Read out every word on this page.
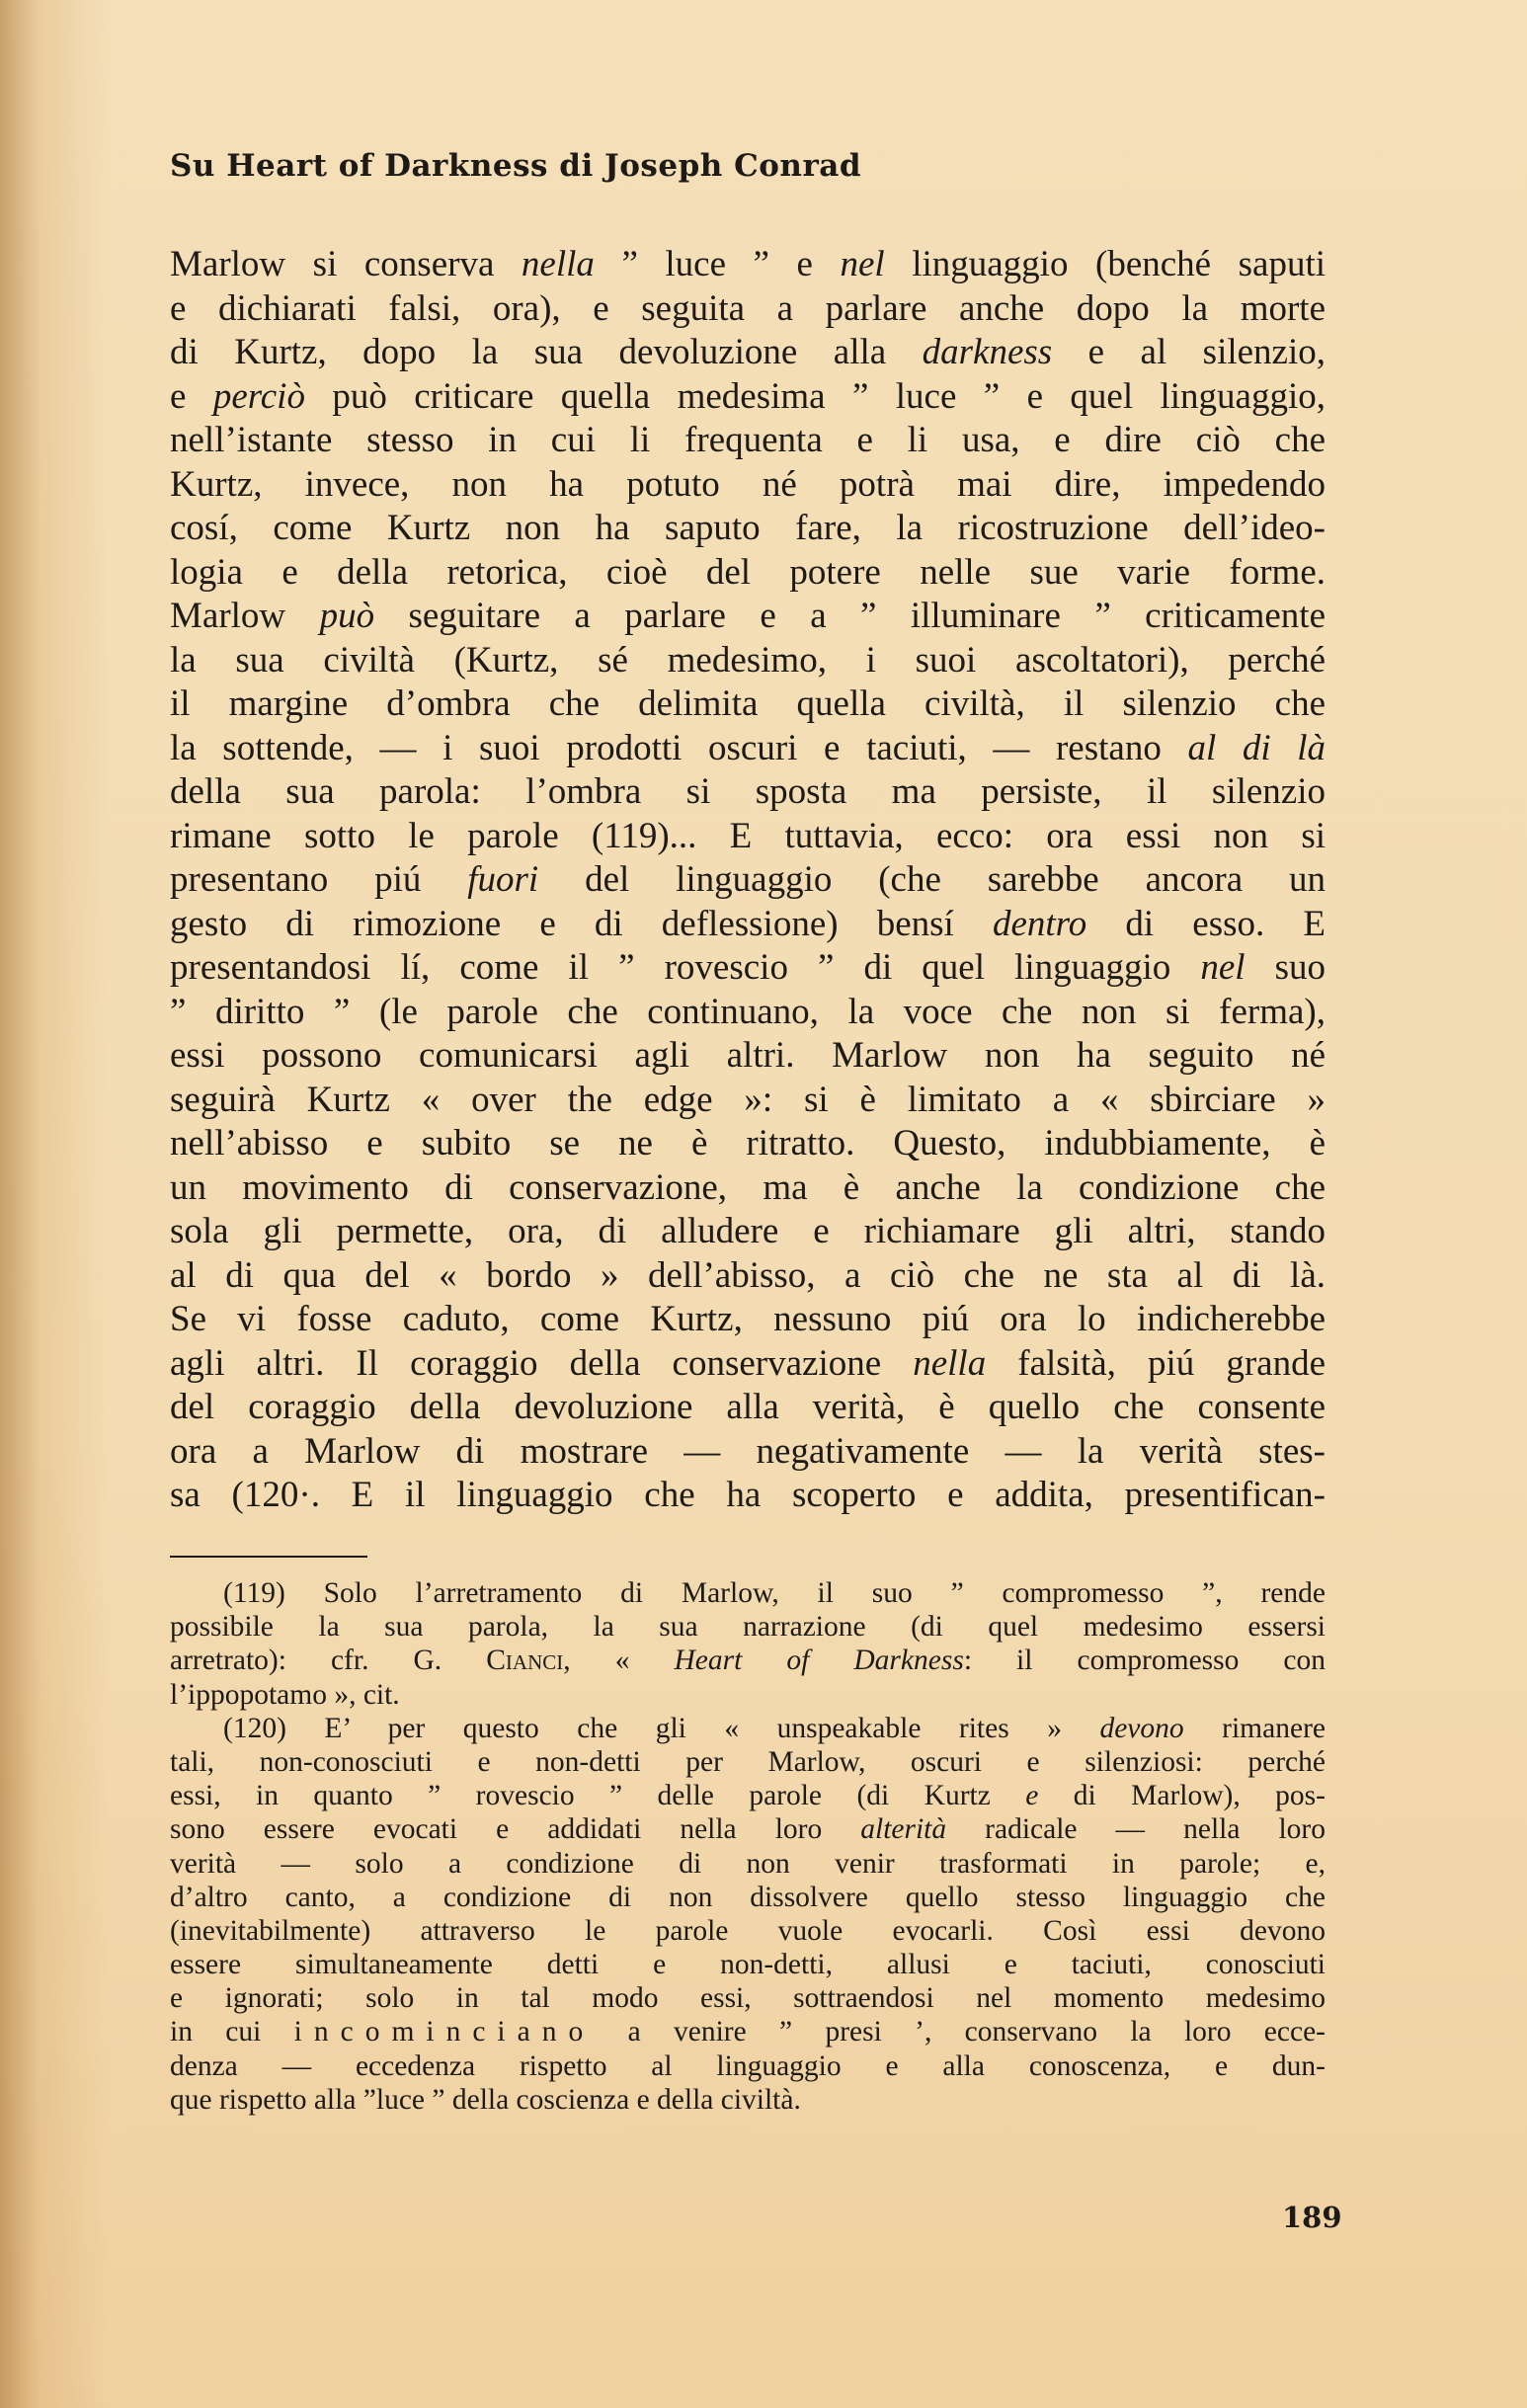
Su Heart of Darkness di Joseph Conrad
Marlow si conserva nella ” luce ” e nel linguaggio (benché saputi
e dichiarati falsi, ora), e seguita a parlare anche dopo la morte
di Kurtz, dopo la sua devoluzione alla darkness e al silenzio,
e perciò può criticare quella medesima ” luce ” e quel linguaggio,
nell’istante stesso in cui li frequenta e li usa, e dire ciò che
Kurtz, invece, non ha potuto né potrà mai dire, impedendo
cosí, come Kurtz non ha saputo fare, la ricostruzione dell’ideo-
logia e della retorica, cioè del potere nelle sue varie forme.
Marlow può seguitare a parlare e a ” illuminare ” criticamente
la sua civiltà (Kurtz, sé medesimo, i suoi ascoltatori), perché
il margine d’ombra che delimita quella civiltà, il silenzio che
la sottende, — i suoi prodotti oscuri e taciuti, — restano al di là
della sua parola: l’ombra si sposta ma persiste, il silenzio
rimane sotto le parole (119)... E tuttavia, ecco: ora essi non si
presentano piú fuori del linguaggio (che sarebbe ancora un
gesto di rimozione e di deflessione) bensí dentro di esso. E
presentandosi lí, come il ” rovescio ” di quel linguaggio nel suo
” diritto ” (le parole che continuano, la voce che non si ferma),
essi possono comunicarsi agli altri. Marlow non ha seguito né
seguirà Kurtz « over the edge »: si è limitato a « sbirciare »
nell’abisso e subito se ne è ritratto. Questo, indubbiamente, è
un movimento di conservazione, ma è anche la condizione che
sola gli permette, ora, di alludere e richiamare gli altri, stando
al di qua del « bordo » dell’abisso, a ciò che ne sta al di là.
Se vi fosse caduto, come Kurtz, nessuno piú ora lo indicherebbe
agli altri. Il coraggio della conservazione nella falsità, piú grande
del coraggio della devoluzione alla verità, è quello che consente
ora a Marlow di mostrare — negativamente — la verità stes-
sa (120·. E il linguaggio che ha scoperto e addita, presentifican-
(119) Solo l’arretramento di Marlow, il suo ” compromesso ”, rende
possibile la sua parola, la sua narrazione (di quel medesimo essersi
arretrato): cfr. G. Cianci, « Heart of Darkness: il compromesso con
l’ippopotamo », cit.
(120) E’ per questo che gli « unspeakable rites » devono rimanere
tali, non-conosciuti e non-detti per Marlow, oscuri e silenziosi: perché
essi, in quanto ” rovescio ” delle parole (di Kurtz e di Marlow), pos-
sono essere evocati e addidati nella loro alterità radicale — nella loro
verità — solo a condizione di non venir trasformati in parole; e,
d’altro canto, a condizione di non dissolvere quello stesso linguaggio che
(inevitabilmente) attraverso le parole vuole evocarli. Così essi devono
essere simultaneamente detti e non-detti, allusi e taciuti, conosciuti
e ignorati; solo in tal modo essi, sottraendosi nel momento medesimo
in cui incominciano a venire ” presi ’, conservano la loro ecce-
denza — eccedenza rispetto al linguaggio e alla conoscenza, e dun-
que rispetto alla ”luce ” della coscienza e della civiltà.
189
